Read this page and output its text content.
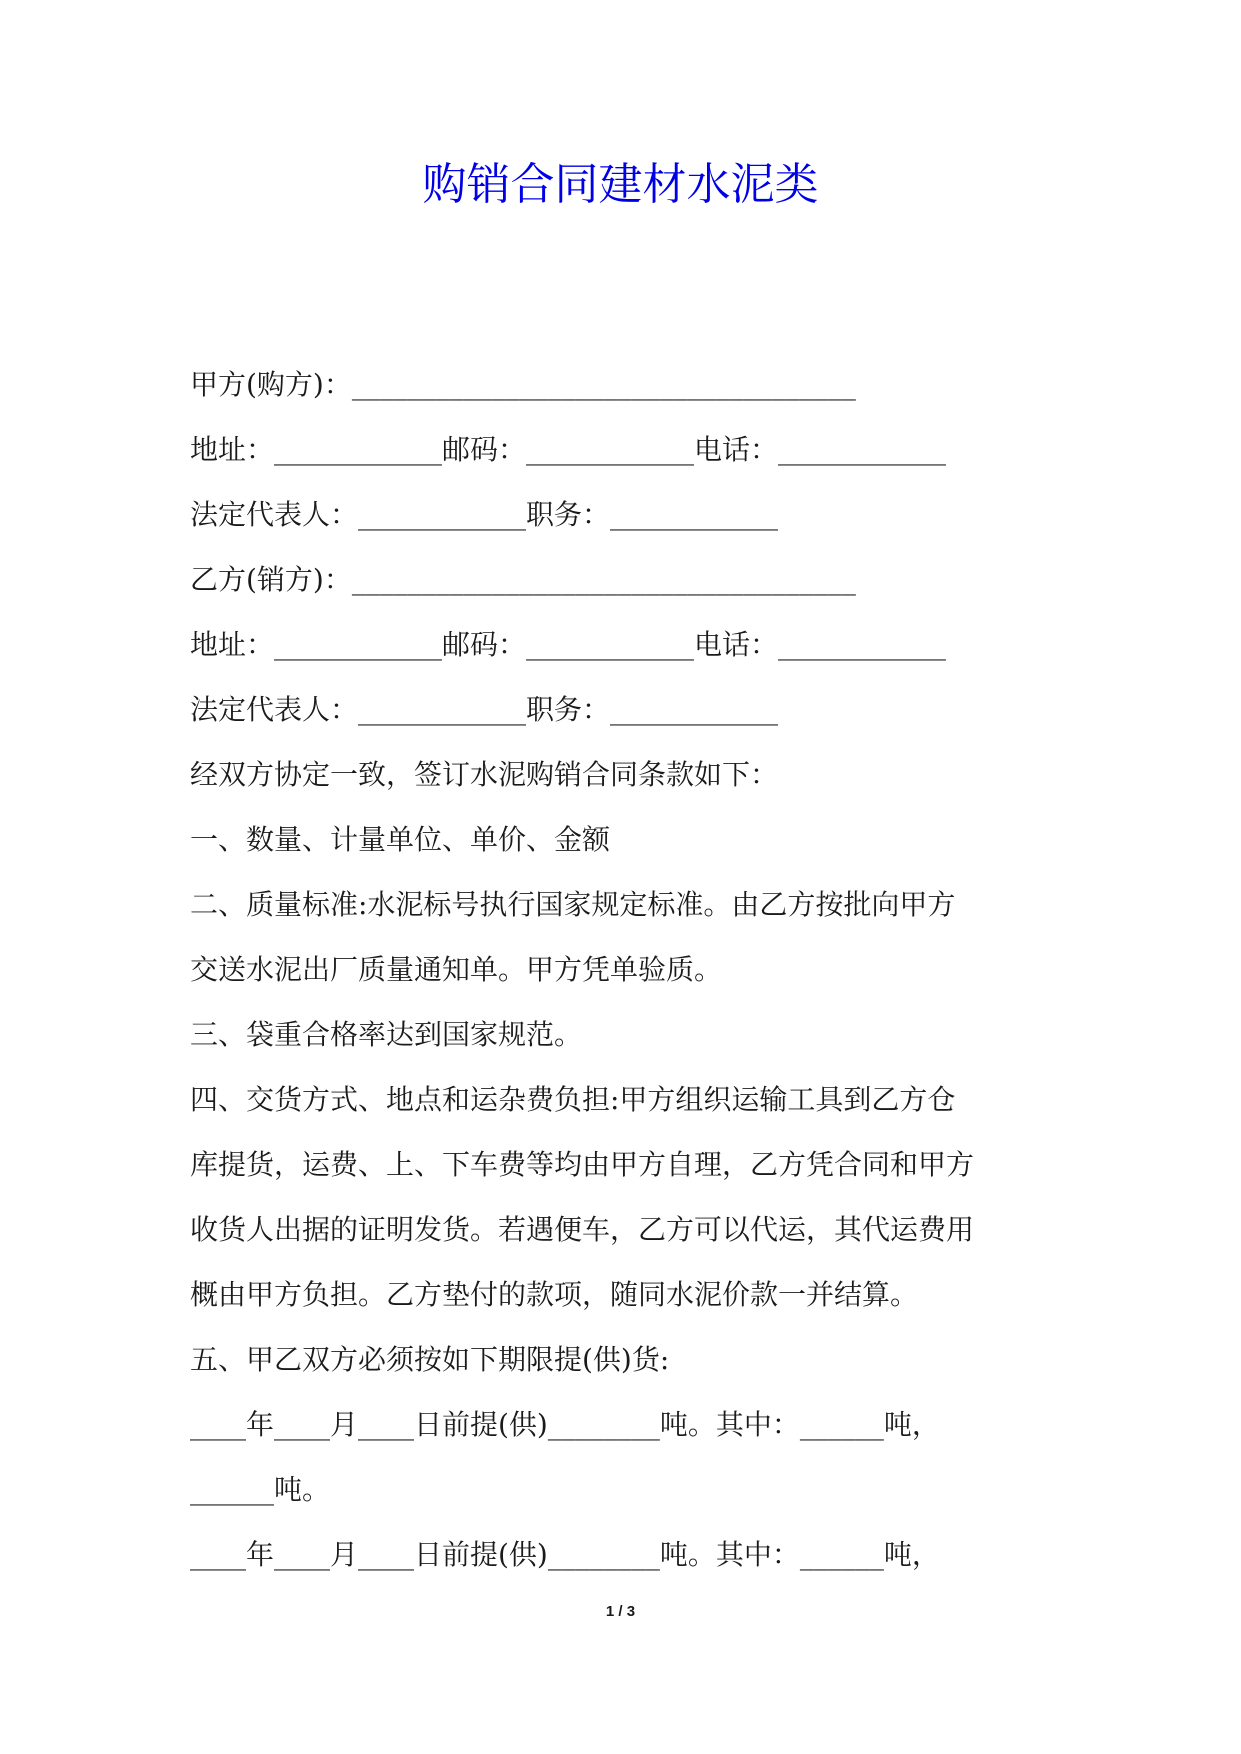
购销合同建材水泥类

甲方(购方)：____________________________________

地址：____________邮码：____________电话：____________

法定代表人：____________职务：____________

乙方(销方)：____________________________________

地址：____________邮码：____________电话：____________

法定代表人：____________职务：____________

经双方协定一致，签订水泥购销合同条款如下：

一、数量、计量单位、单价、金额

二、质量标准:水泥标号执行国家规定标准。由乙方按批向甲方
交送水泥出厂质量通知单。甲方凭单验质。

三、袋重合格率达到国家规范。

四、交货方式、地点和运杂费负担:甲方组织运输工具到乙方仓
库提货，运费、上、下车费等均由甲方自理，乙方凭合同和甲方
收货人出据的证明发货。若遇便车，乙方可以代运，其代运费用
概由甲方负担。乙方垫付的款项，随同水泥价款一并结算。

五、甲乙双方必须按如下期限提(供)货:

____年____月____日前提(供)________吨。其中：______吨，
______吨。
____年____月____日前提(供)________吨。其中：______吨，
1 / 3
